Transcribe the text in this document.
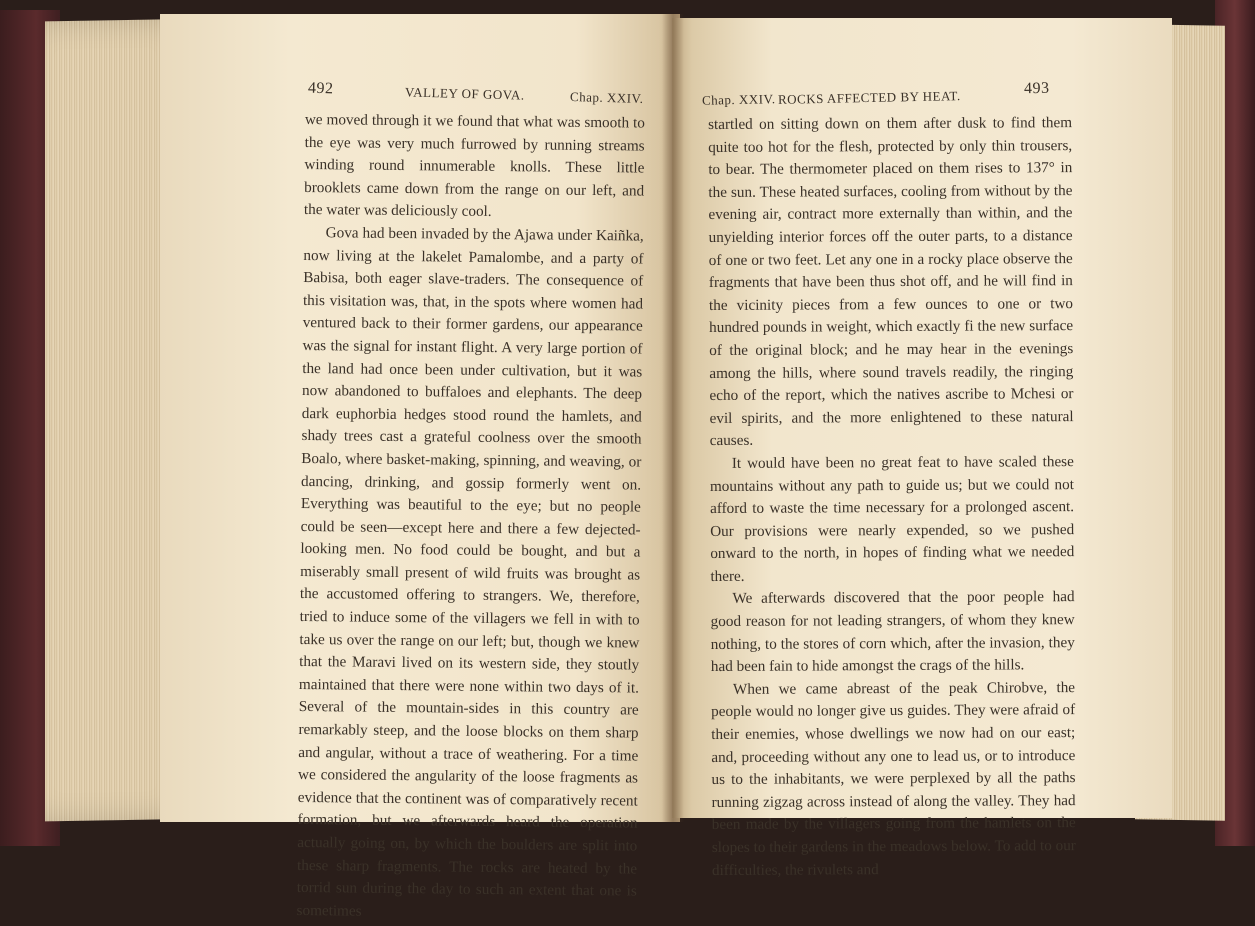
492	VALLEY OF GOVA.	Chap. XXIV.

we moved through it we found that what was smooth to the eye was very much furrowed by running streams winding round innumerable knolls. These little brooklets came down from the range on our left, and the water was deliciously cool.

Gova had been invaded by the Ajawa under Kaiñka, now living at the lakelet Pamalombe, and a party of Babisa, both eager slave-traders. The consequence of this visitation was, that, in the spots where women had ventured back to their former gardens, our appearance was the signal for instant flight. A very large portion of the land had once been under cultivation, but it was now abandoned to buffaloes and elephants. The deep dark euphorbia hedges stood round the hamlets, and shady trees cast a grateful coolness over the smooth Boalo, where basket-making, spinning, and weaving, or dancing, drinking, and gossip formerly went on. Everything was beautiful to the eye; but no people could be seen—except here and there a few dejected-looking men. No food could be bought, and but a miserably small present of wild fruits was brought as the accustomed offering to strangers. We, therefore, tried to induce some of the villagers we fell in with to take us over the range on our left; but, though we knew that the Maravi lived on its western side, they stoutly maintained that there were none within two days of it. Several of the mountain-sides in this country are remarkably steep, and the loose blocks on them sharp and angular, without a trace of weathering. For a time we considered the angularity of the loose fragments as evidence that the continent was of comparatively recent formation, but we afterwards heard the operation actually going on, by which the boulders are split into these sharp fragments. The rocks are heated by the torrid sun during the day to such an extent that one is sometimes

Chap. XXIV. ROCKS AFFECTED BY HEAT.	493

startled on sitting down on them after dusk to find them quite too hot for the flesh, protected by only thin trousers, to bear. The thermometer placed on them rises to 137° in the sun. These heated surfaces, cooling from without by the evening air, contract more externally than within, and the unyielding interior forces off the outer parts, to a distance of one or two feet. Let any one in a rocky place observe the fragments that have been thus shot off, and he will find in the vicinity pieces from a few ounces to one or two hundred pounds in weight, which exactly fi the new surface of the original block; and he may hear in the evenings among the hills, where sound travels readily, the ringing echo of the report, which the natives ascribe to Mchesi or evil spirits, and the more enlightened to these natural causes.

It would have been no great feat to have scaled these mountains without any path to guide us; but we could not afford to waste the time necessary for a prolonged ascent. Our provisions were nearly expended, so we pushed onward to the north, in hopes of finding what we needed there.

We afterwards discovered that the poor people had good reason for not leading strangers, of whom they knew nothing, to the stores of corn which, after the invasion, they had been fain to hide amongst the crags of the hills.

When we came abreast of the peak Chirobve, the people would no longer give us guides. They were afraid of their enemies, whose dwellings we now had on our east; and, proceeding without any one to lead us, or to introduce us to the inhabitants, we were perplexed by all the paths running zigzag across instead of along the valley. They had been made by the villagers going from the hamlets on the slopes to their gardens in the meadows below. To add to our difficulties, the rivulets and
